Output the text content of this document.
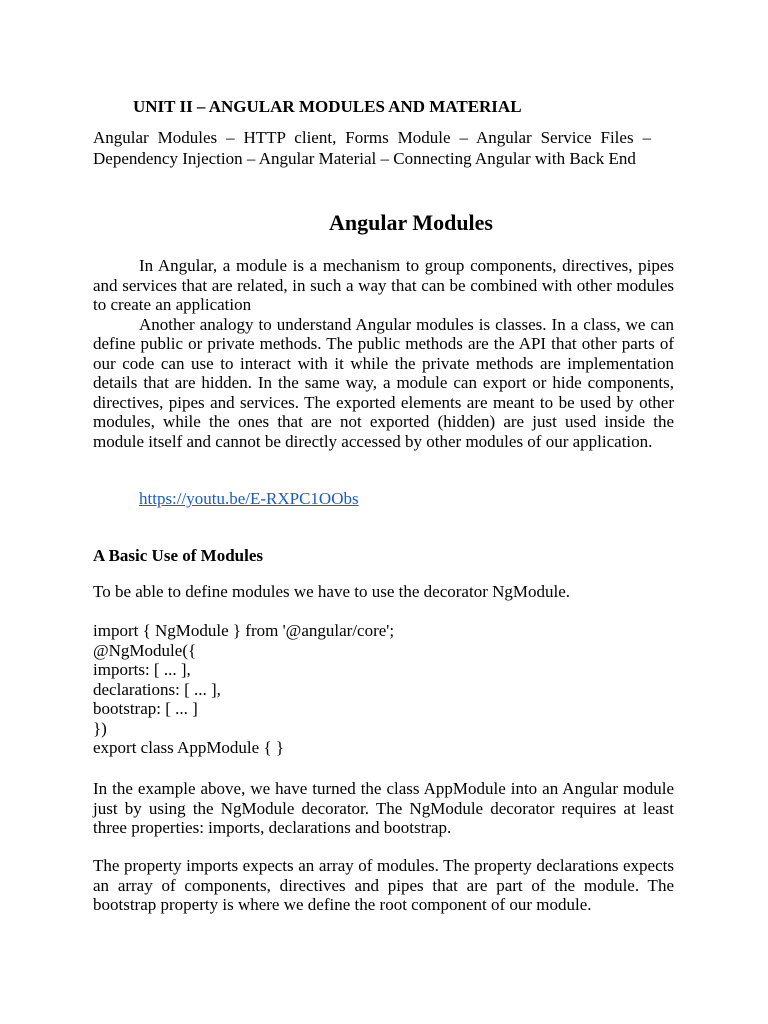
UNIT II – ANGULAR MODULES AND MATERIAL
Angular Modules – HTTP client, Forms Module – Angular Service Files – Dependency Injection – Angular Material – Connecting Angular with Back End
Angular Modules

In Angular, a module is a mechanism to group components, directives, pipes and services that are related, in such a way that can be combined with other modules to create an application

Another analogy to understand Angular modules is classes. In a class, we can define public or private methods. The public methods are the API that other parts of our code can use to interact with it while the private methods are implementation details that are hidden. In the same way, a module can export or hide components, directives, pipes and services. The exported elements are meant to be used by other modules, while the ones that are not exported (hidden) are just used inside the module itself and cannot be directly accessed by other modules of our application.

https://youtu.be/E-RXPC1OObs
A Basic Use of Modules
To be able to define modules we have to use the decorator NgModule.
import { NgModule } from '@angular/core';
@NgModule({
imports: [ ... ],
declarations: [ ... ],
bootstrap: [ ... ]
})
export class AppModule { }

In the example above, we have turned the class AppModule into an Angular module just by using the NgModule decorator. The NgModule decorator requires at least three properties: imports, declarations and bootstrap.

The property imports expects an array of modules. The property declarations expects an array of components, directives and pipes that are part of the module. The bootstrap property is where we define the root component of our module.
